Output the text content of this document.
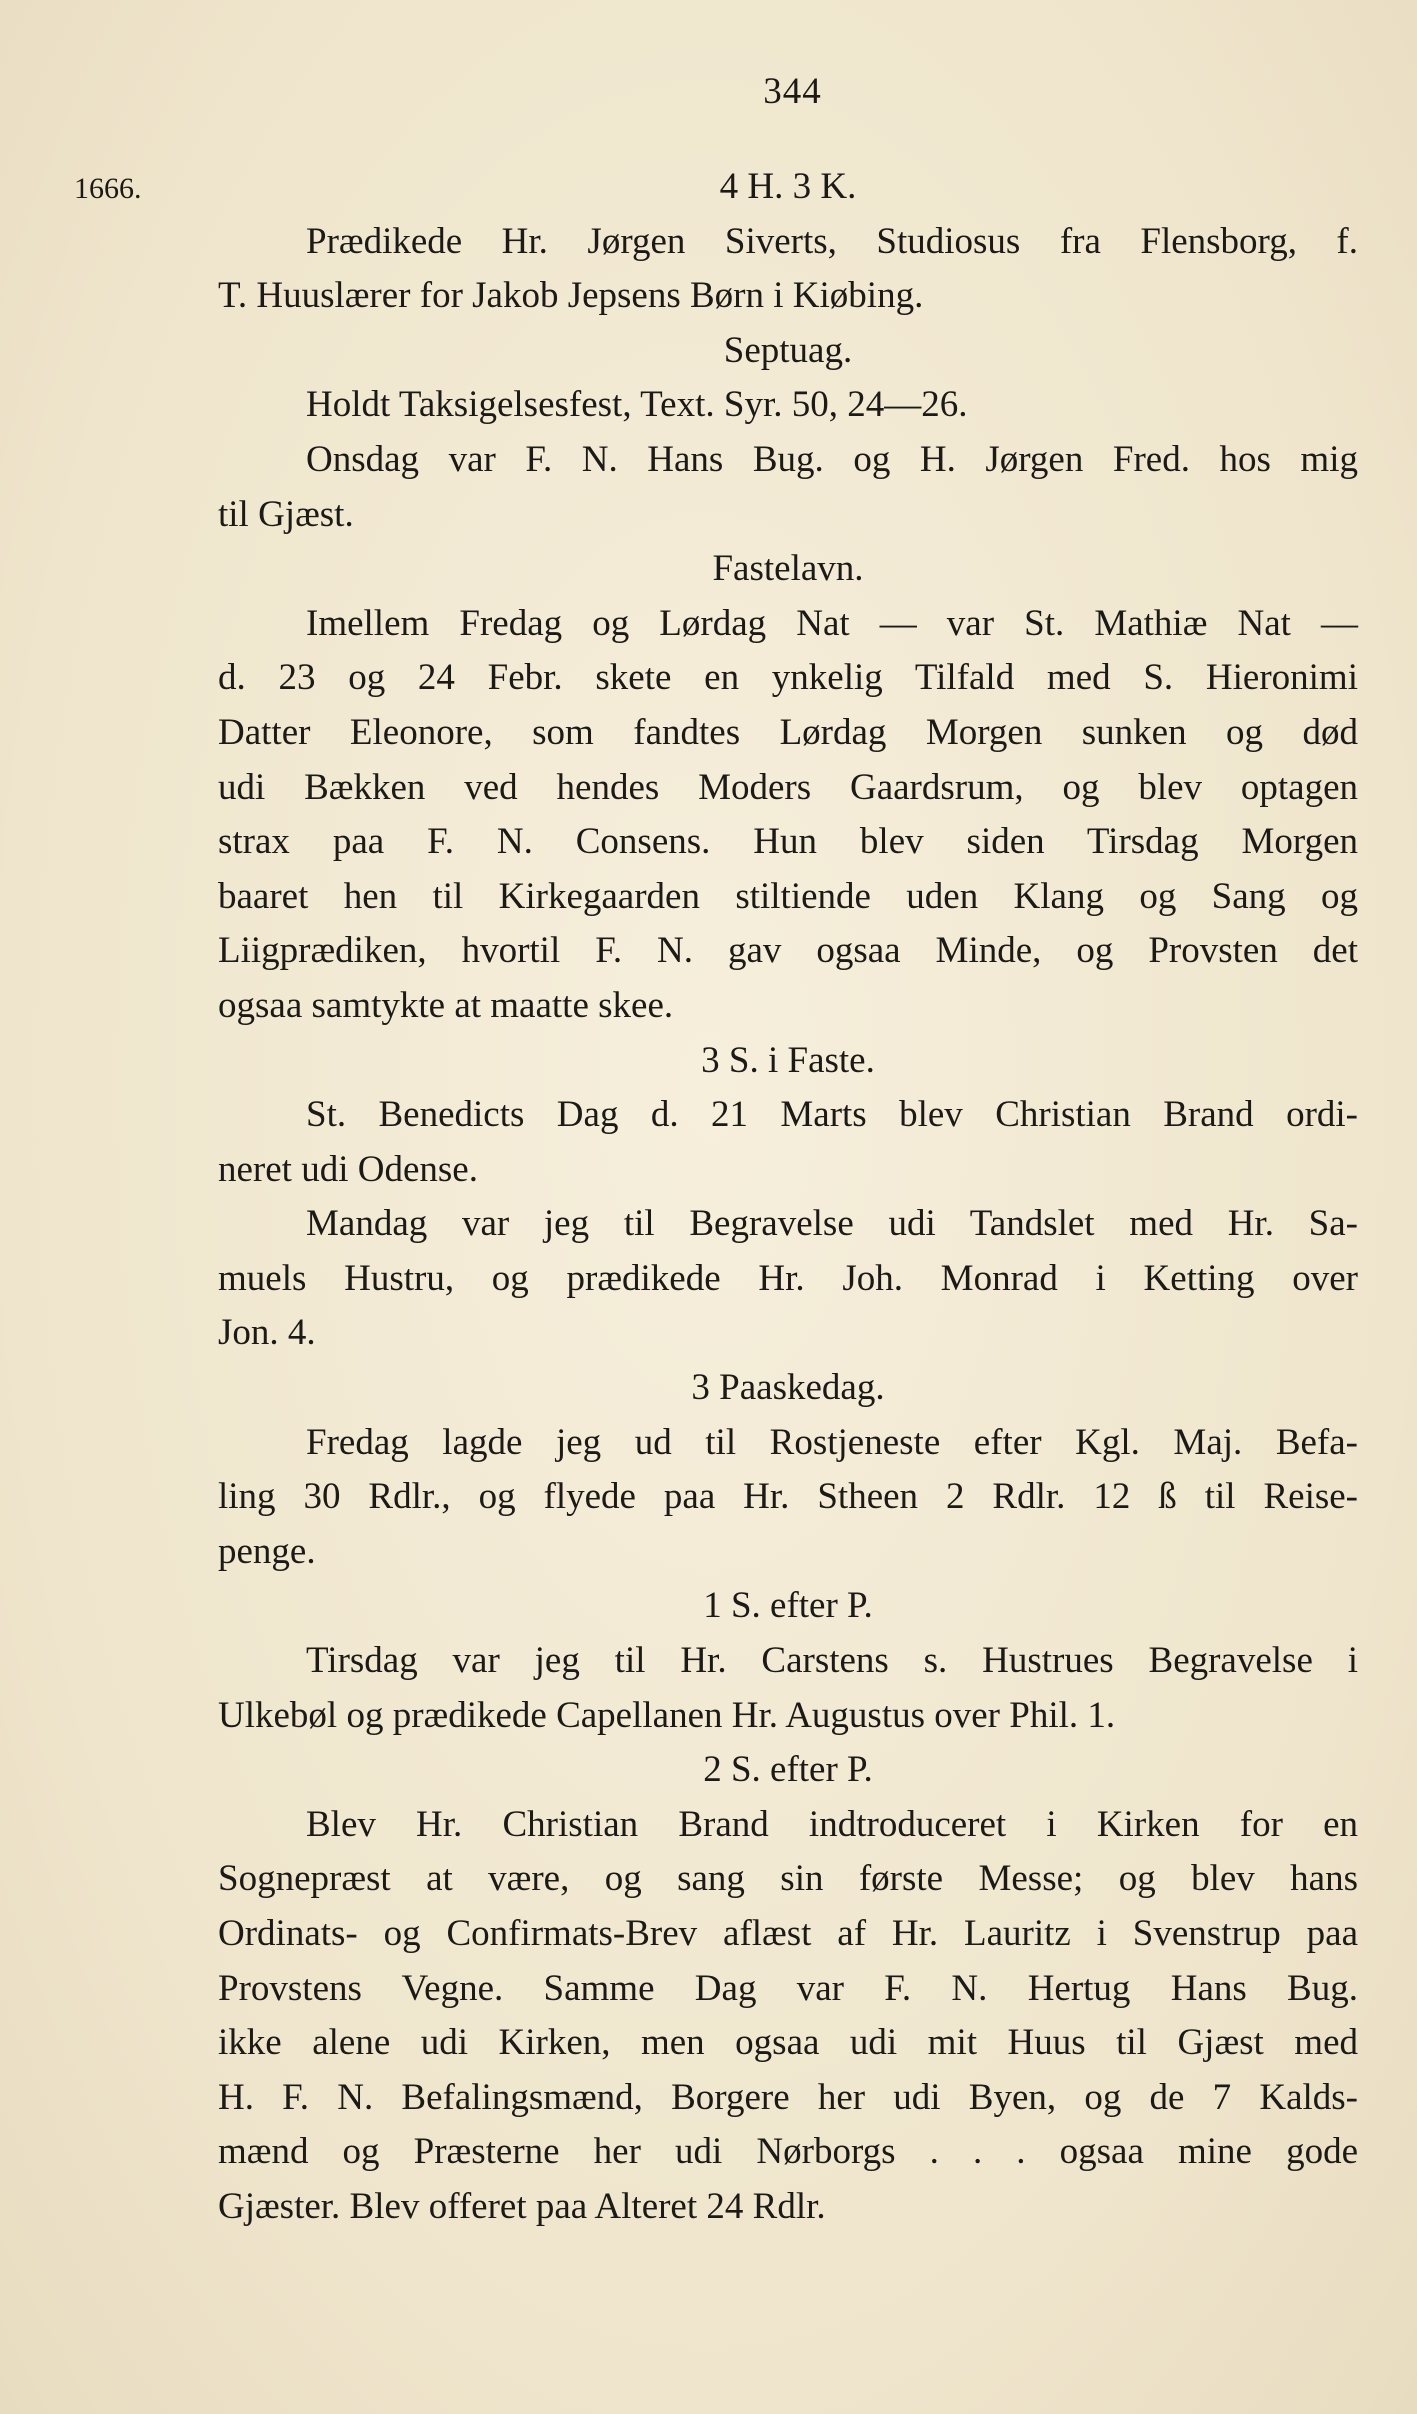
344
1666.	4 H. 3 K.
Prædikede Hr. Jørgen Siverts, Studiosus fra Flensborg, f.
T. Huuslærer for Jakob Jepsens Børn i Kiøbing.
Septuag.
Holdt Taksigelsesfest, Text. Syr. 50, 24—26.
Onsdag var F. N. Hans Bug. og H. Jørgen Fred. hos mig
til Gjæst.
Fastelavn.
Imellem Fredag og Lørdag Nat — var St. Mathiæ Nat —
d. 23 og 24 Febr. skete en ynkelig Tilfald med S. Hieronimi
Datter Eleonore, som fandtes Lørdag Morgen sunken og død
udi Bækken ved hendes Moders Gaardsrum, og blev optagen
strax paa F. N. Consens. Hun blev siden Tirsdag Morgen
baaret hen til Kirkegaarden stiltiende uden Klang og Sang og
Liigprædiken, hvortil F. N. gav ogsaa Minde, og Provsten det
ogsaa samtykte at maatte skee.
3 S. i Faste.
St. Benedicts Dag d. 21 Marts blev Christian Brand ordi-
neret udi Odense.
Mandag var jeg til Begravelse udi Tandslet med Hr. Sa-
muels Hustru, og prædikede Hr. Joh. Monrad i Ketting over
Jon. 4.
3 Paaskedag.
Fredag lagde jeg ud til Rostjeneste efter Kgl. Maj. Befa-
ling 30 Rdlr., og flyede paa Hr. Stheen 2 Rdlr. 12 ß til Reise-
penge.
1 S. efter P.
Tirsdag var jeg til Hr. Carstens s. Hustrues Begravelse i
Ulkebøl og prædikede Capellanen Hr. Augustus over Phil. 1.
2 S. efter P.
Blev Hr. Christian Brand indtroduceret i Kirken for en
Sognepræst at være, og sang sin første Messe; og blev hans
Ordinats- og Confirmats-Brev aflæst af Hr. Lauritz i Svenstrup paa
Provstens Vegne. Samme Dag var F. N. Hertug Hans Bug.
ikke alene udi Kirken, men ogsaa udi mit Huus til Gjæst med
H. F. N. Befalingsmænd, Borgere her udi Byen, og de 7 Kalds-
mænd og Præsterne her udi Nørborgs . . . ogsaa mine gode
Gjæster. Blev offeret paa Alteret 24 Rdlr.
